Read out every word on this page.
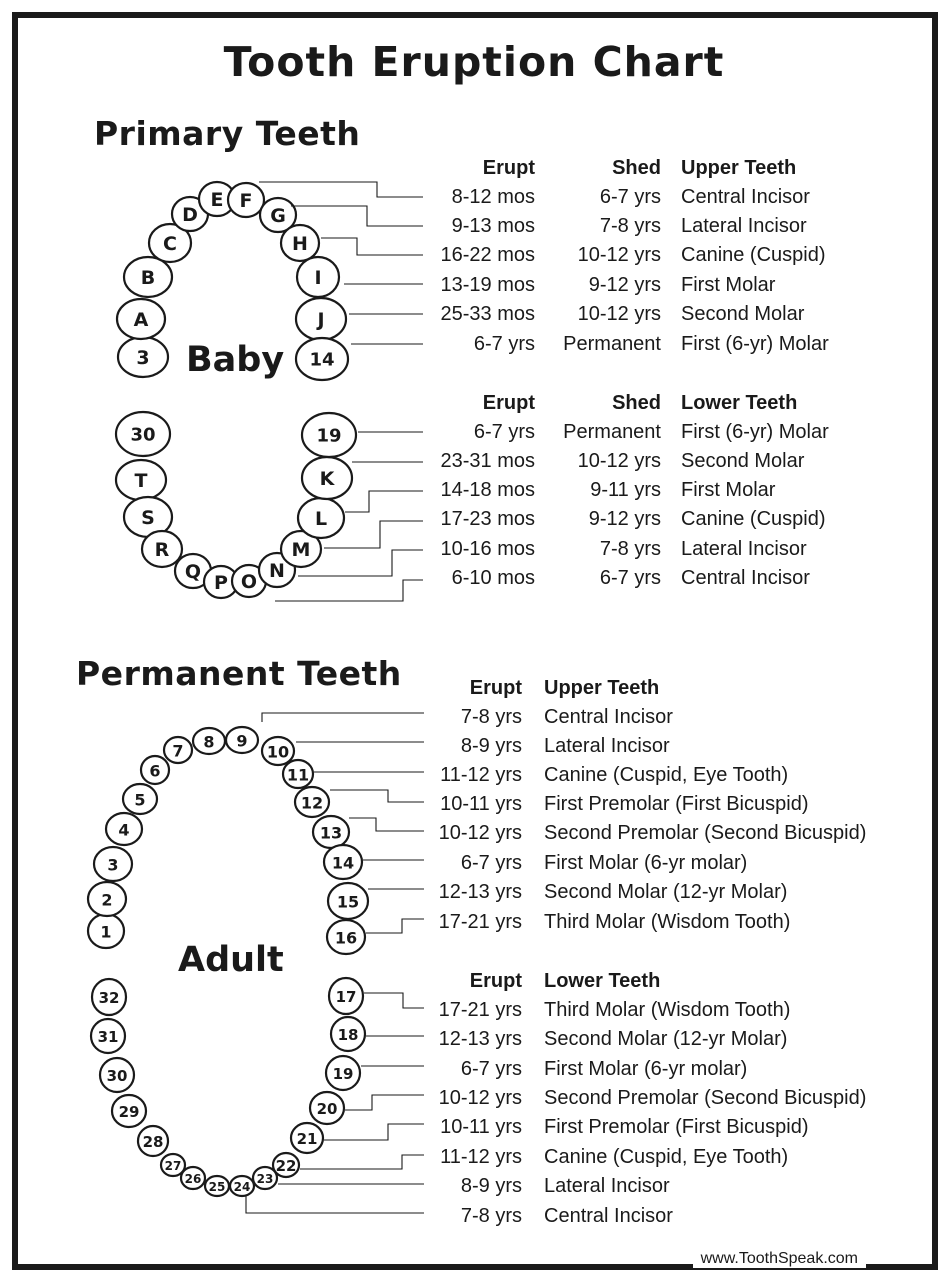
Tooth Eruption Chart
Primary Teeth
Baby
Erupt	Shed Upper Teeth
8-12 mos	6-7 yrs Central Incisor
9-13 mos	7-8 yrs Lateral Incisor
16-22 mos 10-12 yrs Canine (Cuspid)
13-19 mos	9-12 yrs First Molar
25-33 mos 10-12 yrs Second Molar
6-7 yrs Permanent First (6-yr) Molar
Erupt	Shed Lower Teeth
6-7 yrs Permanent First (6-yr) Molar
23-31 mos 10-12 yrs Second Molar
14-18 mos	9-11 yrs First Molar
17-23 mos	9-12 yrs Canine (Cuspid)
10-16 mos	7-8 yrs Lateral Incisor
6-10 mos	6-7 yrs Central Incisor
Permanent Teeth
Adult
Erupt Upper Teeth
7-8 yrs Central Incisor
8-9 yrs Lateral Incisor
11-12 yrs Canine (Cuspid, Eye Tooth)
10-11 yrs First Premolar (First Bicuspid)
10-12 yrs Second Premolar (Second Bicuspid)
6-7 yrs First Molar (6-yr molar)
12-13 yrs Second Molar (12-yr Molar)
17-21 yrs Third Molar (Wisdom Tooth)
Erupt Lower Teeth
17-21 yrs Third Molar (Wisdom Tooth)
12-13 yrs Second Molar (12-yr Molar)
6-7 yrs First Molar (6-yr molar)
10-12 yrs Second Premolar (Second Bicuspid)
10-11 yrs First Premolar (First Bicuspid)
11-12 yrs Canine (Cuspid, Eye Tooth)
8-9 yrs Lateral Incisor
7-8 yrs Central Incisor
3
A
B
C
D
E F
G
H
I
J
14
30
T
S
R
Q P O N
M
L
K
19
1
2
3
4
5
6
7 8 9
10
11
12
13
14
15
16
32
31
30
29
28
27
26
25 24
23
22
21
20
19
18
17
www.ToothSpeak.com
